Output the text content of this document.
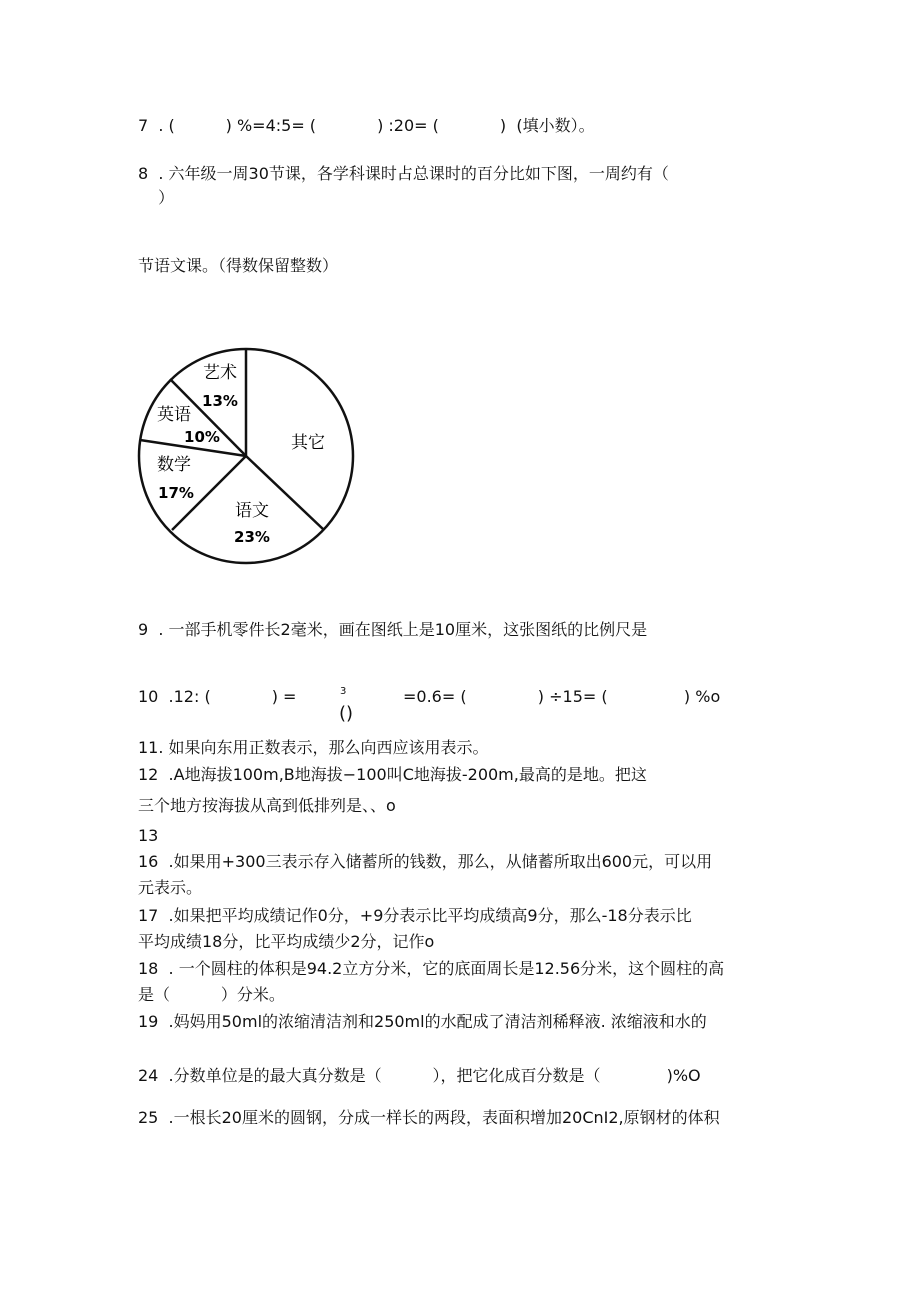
7  . (          ) %=4:5= (            ) :20= (            )  (填小数）。
8  . 六年级一周30节课，各学科课时占总课时的百分比如下图，一周约有（
）
节语文课。（得数保留整数）
艺术
13%
英语
10%
数学
17%
语文
23%
其它
9  . 一部手机零件长2毫米，画在图纸上是10厘米，这张图纸的比例尺是
10  .12: (            ) =	3	=0.6= (              ) ÷15= (               ) %o
()
11. 如果向东用正数表示，那么向西应该用表示。
12  .A地海拔100m,B地海拔−100叫C地海拔-200m,最高的是地。把这
三个地方按海拔从高到低排列是、、o
13
16  .如果用+300三表示存入储蓄所的钱数，那么，从储蓄所取出600元，可以用
元表示。
17  .如果把平均成绩记作0分，+9分表示比平均成绩高9分，那么-18分表示比
平均成绩18分，比平均成绩少2分，记作o
18  . 一个圆柱的体积是94.2立方分米，它的底面周长是12.56分米，这个圆柱的高
是（          ）分米。
19  .妈妈用50ml的浓缩清洁剂和250ml的水配成了清洁剂稀释液. 浓缩液和水的
24  .分数单位是的最大真分数是（          ），把它化成百分数是（             )%O
25  .一根长20厘米的圆钢，分成一样长的两段，表面积增加20CnI2,原钢材的体积
